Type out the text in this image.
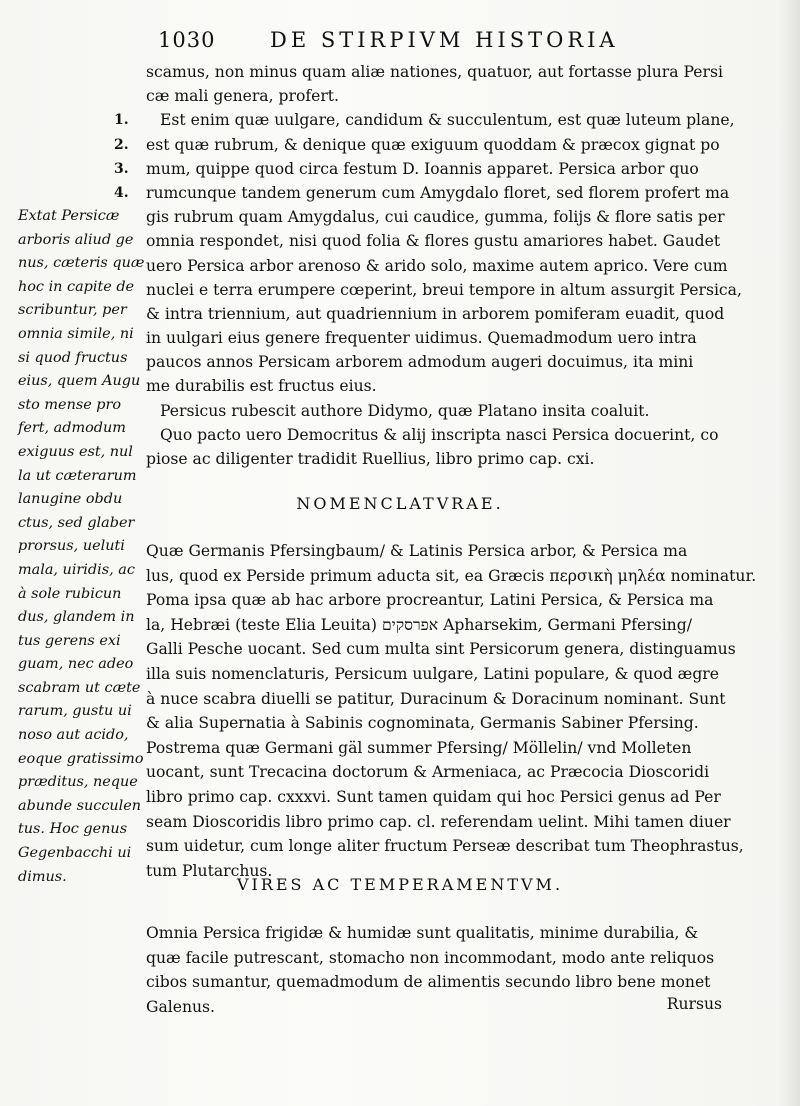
1030	DE STIRPIVM HISTORIA
1.
2.
3.
4.
scamus, non minus quam aliæ nationes, quatuor, aut fortasse plura Persi
cæ mali genera, profert.
Est enim quæ uulgare, candidum & succulentum, est quæ luteum plane,
est quæ rubrum, & denique quæ exiguum quoddam & præcox gignat po
mum, quippe quod circa festum D. Ioannis apparet. Persica arbor quo
rumcunque tandem generum cum Amygdalo floret, sed florem profert ma
gis rubrum quam Amygdalus, cui caudice, gumma, folijs & flore satis per
omnia respondet, nisi quod folia & flores gustu amariores habet. Gaudet
uero Persica arbor arenoso & arido solo, maxime autem aprico. Vere cum
nuclei e terra erumpere cœperint, breui tempore in altum assurgit Persica,
& intra triennium, aut quadriennium in arborem pomiferam euadit, quod
in uulgari eius genere frequenter uidimus. Quemadmodum uero intra
paucos annos Persicam arborem admodum augeri docuimus, ita mini
me durabilis est fructus eius.
Persicus rubescit authore Didymo, quæ Platano insita coaluit.
Quo pacto uero Democritus & alij inscripta nasci Persica docuerint, co
piose ac diligenter tradidit Ruellius, libro primo cap. cxi.
Extat Persicæ
arboris aliud ge
nus, cæteris quæ
hoc in capite de
scribuntur, per
omnia simile, ni
si quod fructus
eius, quem Augu
sto mense pro
fert, admodum
exiguus est, nul
la ut cæterarum
lanugine obdu
ctus, sed glaber
prorsus, ueluti
mala, uiridis, ac
à sole rubicun
dus, glandem in
tus gerens exi
guam, nec adeo
scabram ut cæte
rarum, gustu ui
noso aut acido,
eoque gratissimo
præditus, neque
abunde succulen
tus. Hoc genus
Gegenbacchi ui
dimus.
NOMENCLATVRAE.
Quæ Germanis Pfersingbaum/ & Latinis Persica arbor, & Persica ma
lus, quod ex Perside primum aducta sit, ea Græcis περσικὴ μηλέα nominatur.
Poma ipsa quæ ab hac arbore procreantur, Latini Persica, & Persica ma
la, Hebræi (teste Elia Leuita) אפרסקים Apharsekim, Germani Pfersing/
Galli Pesche uocant. Sed cum multa sint Persicorum genera, distinguamus
illa suis nomenclaturis, Persicum uulgare, Latini populare, & quod ægre
à nuce scabra diuelli se patitur, Duracinum & Doracinum nominant. Sunt
& alia Supernatia à Sabinis cognominata, Germanis Sabiner Pfersing.
Postrema quæ Germani gäl summer Pfersing/ Möllelin/ vnd Molleten
uocant, sunt Trecacina doctorum & Armeniaca, ac Præcocia Dioscoridi
libro primo cap. cxxxvi. Sunt tamen quidam qui hoc Persici genus ad Per
seam Dioscoridis libro primo cap. cl. referendam uelint. Mihi tamen diuer
sum uidetur, cum longe aliter fructum Perseæ describat tum Theophrastus,
tum Plutarchus.
VIRES AC TEMPERAMENTVM.
Omnia Persica frigidæ & humidæ sunt qualitatis, minime durabilia, &
quæ facile putrescant, stomacho non incommodant, modo ante reliquos
cibos sumantur, quemadmodum de alimentis secundo libro bene monet
Galenus.	Rursus
